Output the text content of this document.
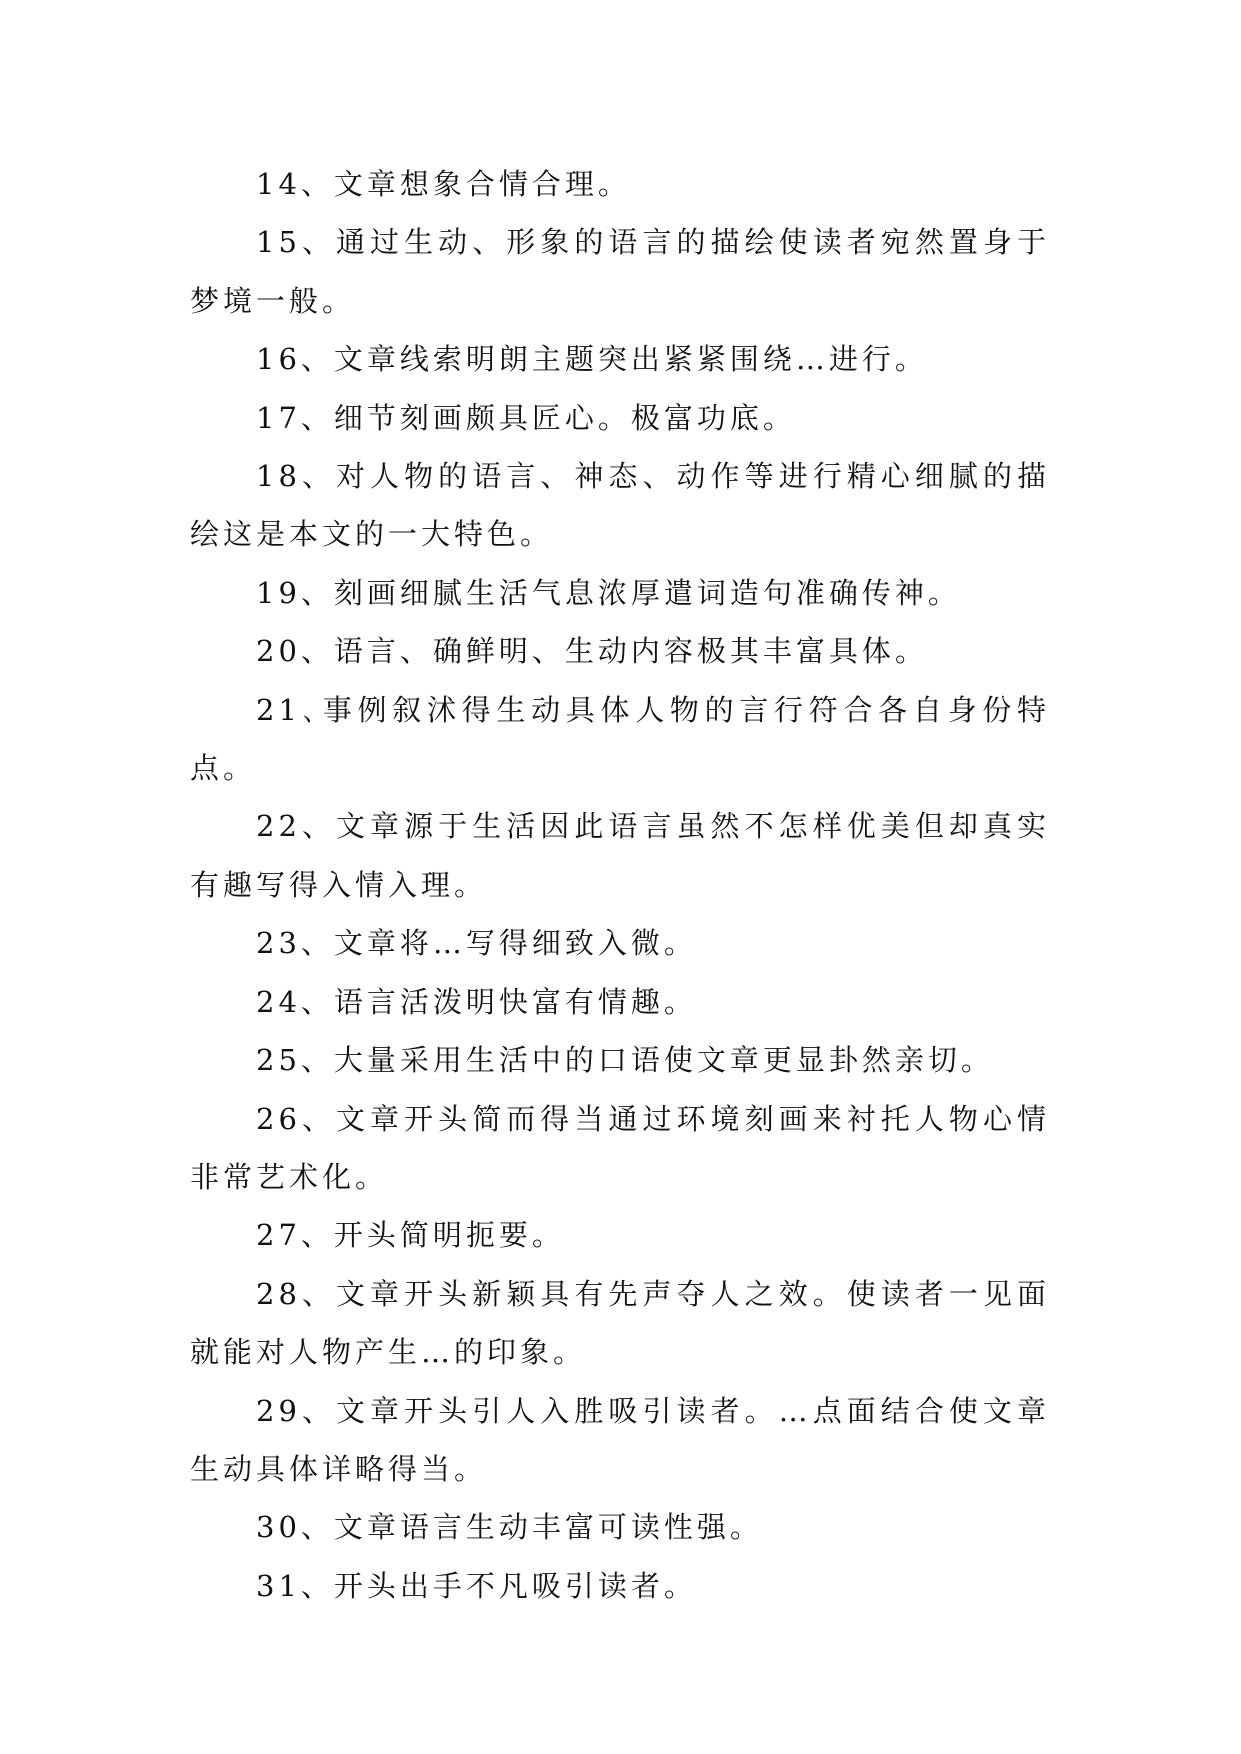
14、文章想象合情合理。

15、通过生动、形象的语言的描绘使读者宛然置身于梦境一般。

16、文章线索明朗主题突出紧紧围绕…进行。

17、细节刻画颇具匠心。极富功底。

18、对人物的语言、神态、动作等进行精心细腻的描绘这是本文的一大特色。

19、刻画细腻生活气息浓厚遣词造句准确传神。

20、语言、确鲜明、生动内容极其丰富具体。

21､事例叙沭得生动具体人物的言行符合各自身份特点。

22、文章源于生活因此语言虽然不怎样优美但却真实有趣写得入情入理。

23、文章将…写得细致入微。

24、语言活泼明快富有情趣。

25、大量采用生活中的口语使文章更显卦然亲切。

26、文章开头简而得当通过环境刻画来衬托人物心情非常艺术化。

27、开头简明扼要。

28、文章开头新颖具有先声夺人之效。使读者一见面就能对人物产生…的印象。

29、文章开头引人入胜吸引读者。…点面结合使文章生动具体详略得当。

30、文章语言生动丰富可读性强。

31、开头出手不凡吸引读者。
